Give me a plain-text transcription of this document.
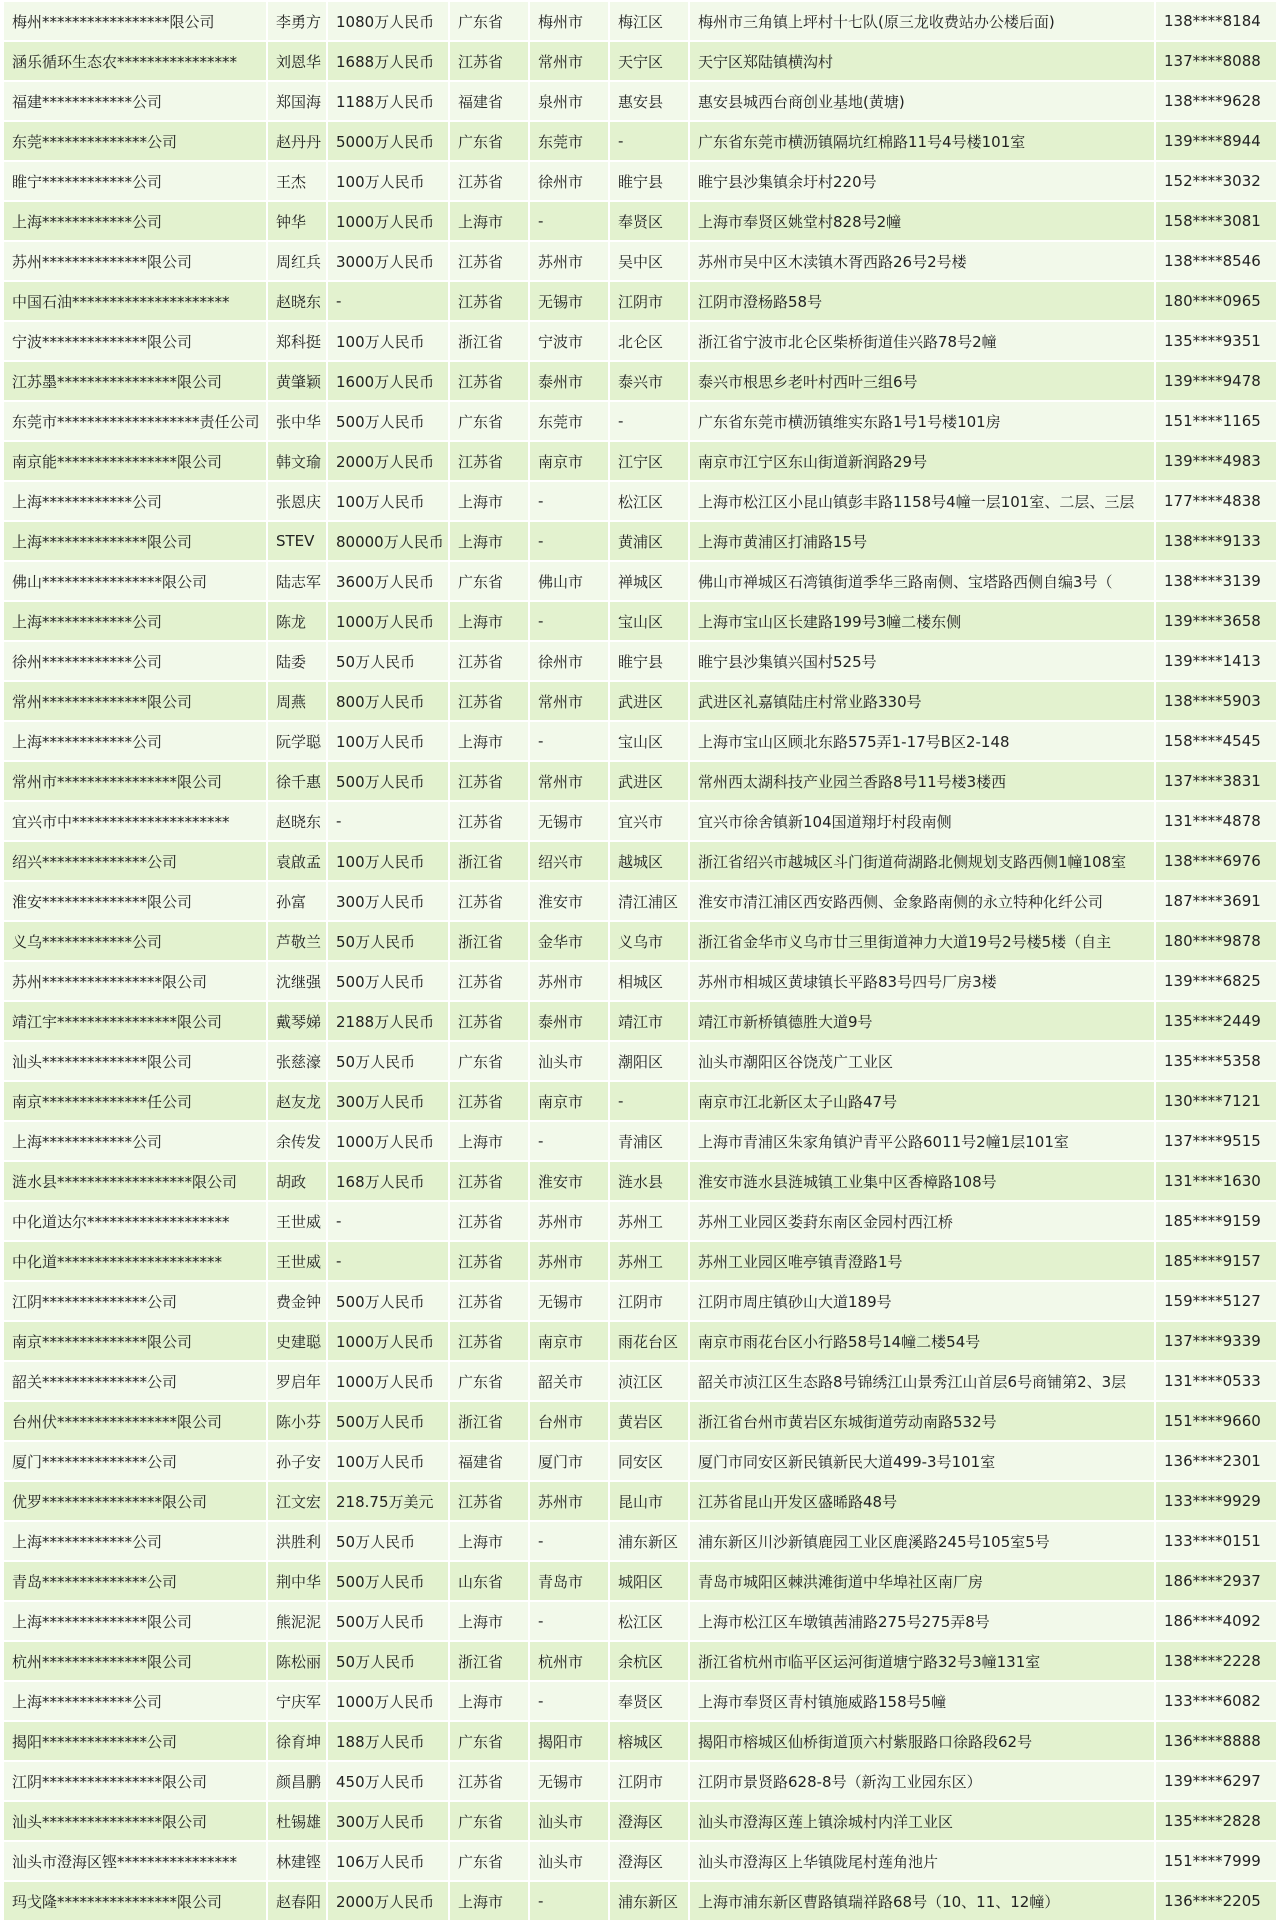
梅州*****************限公司	李勇方	1080万人民币	广东省	梅州市	梅江区	梅州市三角镇上坪村十七队(原三龙收费站办公楼后面)	138****8184
涵乐循环生态农****************	刘恩华	1688万人民币	江苏省	常州市	天宁区	天宁区郑陆镇横沟村	137****8088
福建************公司	郑国海	1188万人民币	福建省	泉州市	惠安县	惠安县城西台商创业基地(黄塘)	138****9628
东莞**************公司	赵丹丹	5000万人民币	广东省	东莞市	-	广东省东莞市横沥镇隔坑红棉路11号4号楼101室	139****8944
睢宁************公司	王杰	100万人民币	江苏省	徐州市	睢宁县	睢宁县沙集镇余圩村220号	152****3032
上海************公司	钟华	1000万人民币	上海市	-	奉贤区	上海市奉贤区姚堂村828号2幢	158****3081
苏州**************限公司	周红兵	3000万人民币	江苏省	苏州市	吴中区	苏州市吴中区木渎镇木胥西路26号2号楼	138****8546
中国石油*********************	赵晓东	-	江苏省	无锡市	江阴市	江阴市澄杨路58号	180****0965
宁波**************限公司	郑科挺	100万人民币	浙江省	宁波市	北仑区	浙江省宁波市北仑区柴桥街道佳兴路78号2幢	135****9351
江苏墨****************限公司	黄肇颖	1600万人民币	江苏省	泰州市	泰兴市	泰兴市根思乡老叶村西叶三组6号	139****9478
东莞市*******************责任公司	张中华	500万人民币	广东省	东莞市	-	广东省东莞市横沥镇维实东路1号1号楼101房	151****1165
南京能****************限公司	韩文瑜	2000万人民币	江苏省	南京市	江宁区	南京市江宁区东山街道新润路29号	139****4983
上海************公司	张恩庆	100万人民币	上海市	-	松江区	上海市松江区小昆山镇彭丰路1158号4幢一层101室、二层、三层	177****4838
上海**************限公司	STEV	80000万人民币	上海市	-	黄浦区	上海市黄浦区打浦路15号	138****9133
佛山****************限公司	陆志军	3600万人民币	广东省	佛山市	禅城区	佛山市禅城区石湾镇街道季华三路南侧、宝塔路西侧自编3号（	138****3139
上海************公司	陈龙	1000万人民币	上海市	-	宝山区	上海市宝山区长建路199号3幢二楼东侧	139****3658
徐州************公司	陆委	50万人民币	江苏省	徐州市	睢宁县	睢宁县沙集镇兴国村525号	139****1413
常州**************限公司	周燕	800万人民币	江苏省	常州市	武进区	武进区礼嘉镇陆庄村常业路330号	138****5903
上海************公司	阮学聪	100万人民币	上海市	-	宝山区	上海市宝山区顾北东路575弄1-17号B区2-148	158****4545
常州市****************限公司	徐千惠	500万人民币	江苏省	常州市	武进区	常州西太湖科技产业园兰香路8号11号楼3楼西	137****3831
宜兴市中*********************	赵晓东	-	江苏省	无锡市	宜兴市	宜兴市徐舍镇新104国道翔圩村段南侧	131****4878
绍兴**************公司	袁啟孟	100万人民币	浙江省	绍兴市	越城区	浙江省绍兴市越城区斗门街道荷湖路北侧规划支路西侧1幢108室	138****6976
淮安**************限公司	孙富	300万人民币	江苏省	淮安市	清江浦区	淮安市清江浦区西安路西侧、金象路南侧的永立特种化纤公司	187****3691
义乌************公司	芦敬兰	50万人民币	浙江省	金华市	义乌市	浙江省金华市义乌市廿三里街道神力大道19号2号楼5楼（自主	180****9878
苏州****************限公司	沈继强	500万人民币	江苏省	苏州市	相城区	苏州市相城区黄埭镇长平路83号四号厂房3楼	139****6825
靖江宇****************限公司	戴琴娣	2188万人民币	江苏省	泰州市	靖江市	靖江市新桥镇德胜大道9号	135****2449
汕头**************限公司	张慈濠	50万人民币	广东省	汕头市	潮阳区	汕头市潮阳区谷饶茂广工业区	135****5358
南京**************任公司	赵友龙	300万人民币	江苏省	南京市	-	南京市江北新区太子山路47号	130****7121
上海************公司	余传发	1000万人民币	上海市	-	青浦区	上海市青浦区朱家角镇沪青平公路6011号2幢1层101室	137****9515
涟水县******************限公司	胡政	168万人民币	江苏省	淮安市	涟水县	淮安市涟水县涟城镇工业集中区香樟路108号	131****1630
中化道达尔*******************	王世威	-	江苏省	苏州市	苏州工	苏州工业园区娄葑东南区金园村西江桥	185****9159
中化道**********************	王世威	-	江苏省	苏州市	苏州工	苏州工业园区唯亭镇青澄路1号	185****9157
江阴**************公司	费金钟	500万人民币	江苏省	无锡市	江阴市	江阴市周庄镇砂山大道189号	159****5127
南京**************限公司	史建聪	1000万人民币	江苏省	南京市	雨花台区	南京市雨花台区小行路58号14幢二楼54号	137****9339
韶关**************公司	罗启年	1000万人民币	广东省	韶关市	浈江区	韶关市浈江区生态路8号锦绣江山景秀江山首层6号商铺第2、3层	131****0533
台州伏****************限公司	陈小芬	500万人民币	浙江省	台州市	黄岩区	浙江省台州市黄岩区东城街道劳动南路532号	151****9660
厦门**************公司	孙子安	100万人民币	福建省	厦门市	同安区	厦门市同安区新民镇新民大道499-3号101室	136****2301
优罗****************限公司	江文宏	218.75万美元	江苏省	苏州市	昆山市	江苏省昆山开发区盛晞路48号	133****9929
上海************公司	洪胜利	50万人民币	上海市	-	浦东新区	浦东新区川沙新镇鹿园工业区鹿溪路245号105室5号	133****0151
青岛**************公司	荆中华	500万人民币	山东省	青岛市	城阳区	青岛市城阳区棘洪滩街道中华埠社区南厂房	186****2937
上海**************限公司	熊泥泥	500万人民币	上海市	-	松江区	上海市松江区车墩镇茜浦路275号275弄8号	186****4092
杭州**************限公司	陈松丽	50万人民币	浙江省	杭州市	余杭区	浙江省杭州市临平区运河街道塘宁路32号3幢131室	138****2228
上海************公司	宁庆军	1000万人民币	上海市	-	奉贤区	上海市奉贤区青村镇施威路158号5幢	133****6082
揭阳**************公司	徐育坤	188万人民币	广东省	揭阳市	榕城区	揭阳市榕城区仙桥街道顶六村紫服路口徐路段62号	136****8888
江阴****************限公司	颜昌鹏	450万人民币	江苏省	无锡市	江阴市	江阴市景贤路628-8号（新沟工业园东区）	139****6297
汕头****************限公司	杜锡雄	300万人民币	广东省	汕头市	澄海区	汕头市澄海区莲上镇涂城村内洋工业区	135****2828
汕头市澄海区铿****************	林建铿	106万人民币	广东省	汕头市	澄海区	汕头市澄海区上华镇陇尾村莲角池片	151****7999
玛戈隆****************限公司	赵春阳	2000万人民币	上海市	-	浦东新区	上海市浦东新区曹路镇瑞祥路68号（10、11、12幢）	136****2205
